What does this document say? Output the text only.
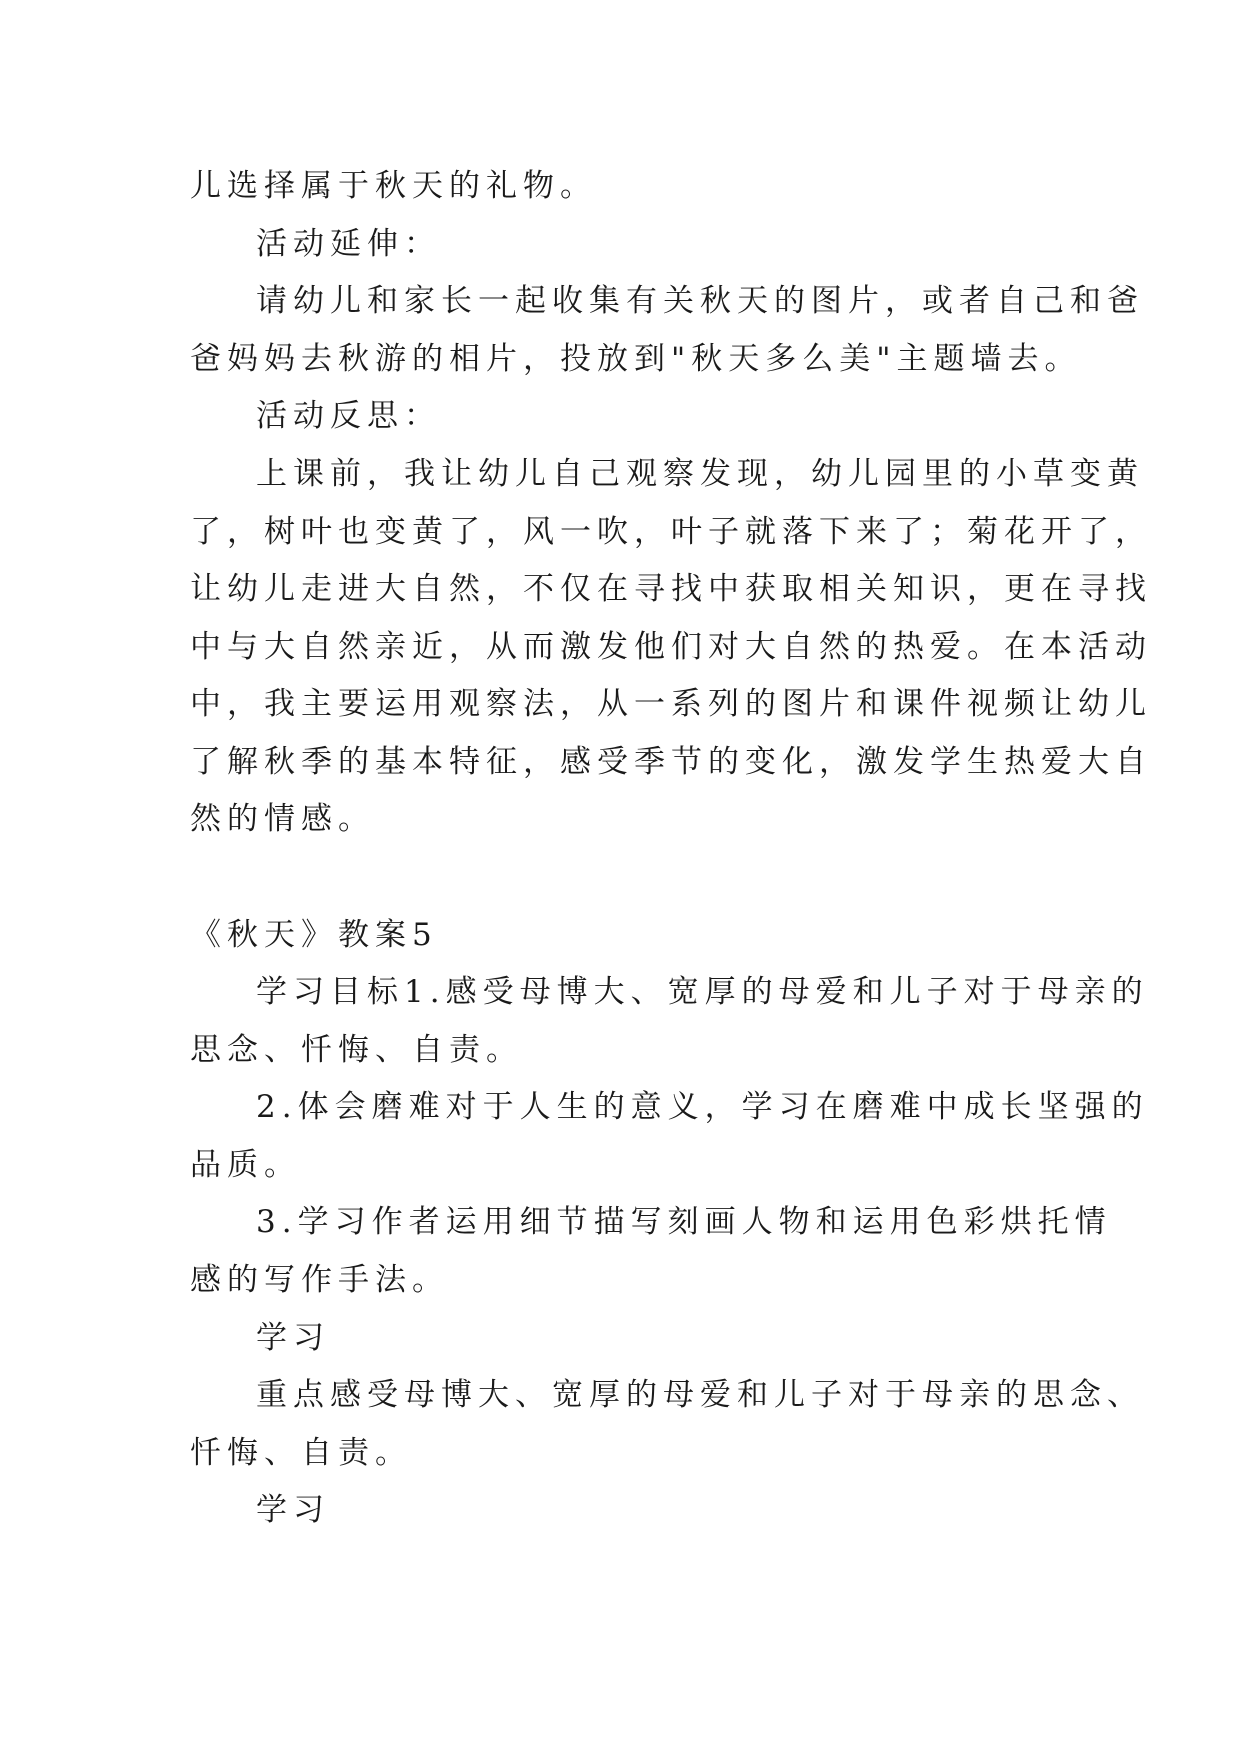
儿选择属于秋天的礼物。
活动延伸：
请幼儿和家长一起收集有关秋天的图片，或者自己和爸
爸妈妈去秋游的相片，投放到"秋天多么美"主题墙去。
活动反思：
上课前，我让幼儿自己观察发现，幼儿园里的小草变黄
了，树叶也变黄了，风一吹，叶子就落下来了；菊花开了，
让幼儿走进大自然，不仅在寻找中获取相关知识，更在寻找
中与大自然亲近，从而激发他们对大自然的热爱。在本活动
中，我主要运用观察法，从一系列的图片和课件视频让幼儿
了解秋季的基本特征，感受季节的变化，激发学生热爱大自
然的情感。
《秋天》教案5
学习目标1.感受母博大、宽厚的母爱和儿子对于母亲的
思念、忏悔、自责。
2.体会磨难对于人生的意义，学习在磨难中成长坚强的
品质。
3.学习作者运用细节描写刻画人物和运用色彩烘托情
感的写作手法。
学习
重点感受母博大、宽厚的母爱和儿子对于母亲的思念、
忏悔、自责。
学习
